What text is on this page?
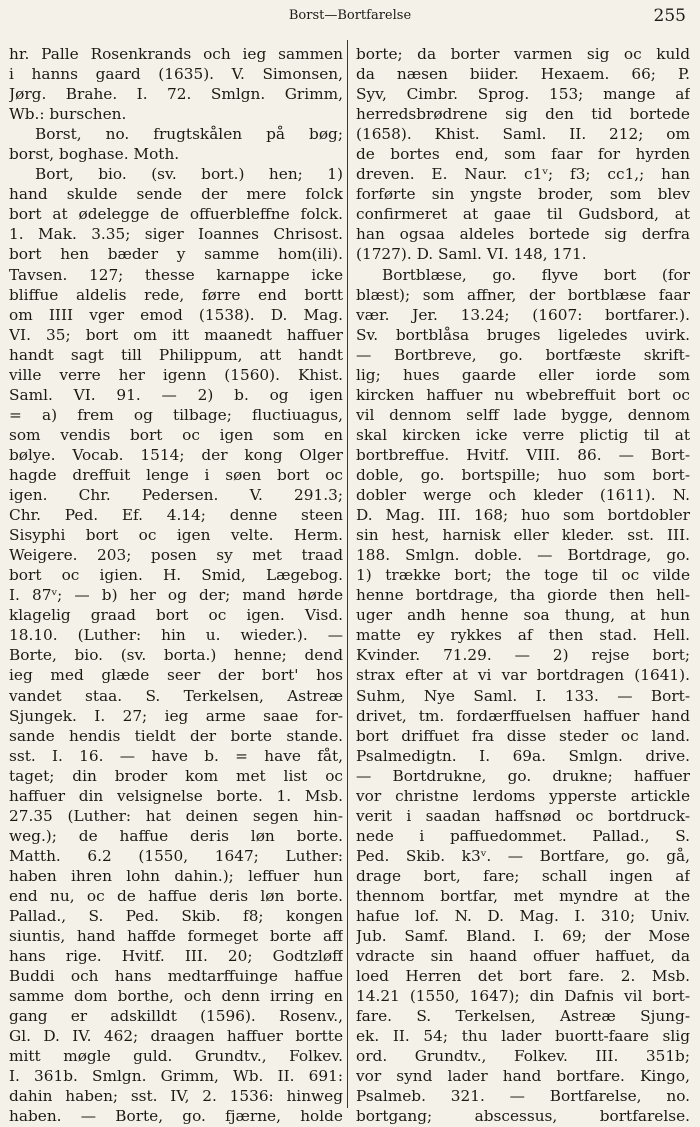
Borst—Bortfarelse	255
hr. Palle Rosenkrands och ieg sammen
i hanns gaard (1635). V. Simonsen,
Jørg. Brahe. I. 72. Smlgn. Grimm,
Wb.: burschen.
Borst, no. frugtskålen på bøg;
borst, boghase. Moth.
Bort, bio. (sv. bort.) hen; 1)
hand skulde sende der mere folck
bort at ødelegge de offuerbleffne folck.
1. Mak. 3.35; siger Ioannes Chrisost.
bort hen bæder y samme hom(ili).
Tavsen. 127; thesse karnappe icke
bliffue aldelis rede, førre end bortt
om IIII vger emod (1538). D. Mag.
VI. 35; bort om itt maanedt haffuer
handt sagt till Philippum, att handt
ville verre her igenn (1560). Khist.
Saml. VI. 91. — 2) b. og igen
= a) frem og tilbage; fluctiuagus,
som vendis bort oc igen som en
bølye. Vocab. 1514; der kong Olger
hagde dreffuit lenge i søen bort oc
igen. Chr. Pedersen. V. 291.3;
Chr. Ped. Ef. 4.14; denne steen
Sisyphi bort oc igen velte. Herm.
Weigere. 203; posen sy met traad
bort oc igien. H. Smid, Lægebog.
I. 87ᵛ; — b) her og der; mand hørde
klagelig graad bort oc igen. Visd.
18.10. (Luther: hin u. wieder.). —
Borte, bio. (sv. borta.) henne; dend
ieg med glæde seer der bort' hos
vandet staa. S. Terkelsen, Astreæ
Sjungek. I. 27; ieg arme saae for-
sande hendis tieldt der borte stande.
sst. I. 16. — have b. = have fåt,
taget; din broder kom met list oc
haffuer din velsignelse borte. 1. Msb.
27.35 (Luther: hat deinen segen hin-
weg.); de haffue deris løn borte.
Matth. 6.2 (1550, 1647; Luther:
haben ihren lohn dahin.); leffuer hun
end nu, oc de haffue deris løn borte.
Pallad., S. Ped. Skib. f8; kongen
siuntis, hand haffde formeget borte aff
hans rige. Hvitf. III. 20; Godtzløff
Buddi och hans medtarffuinge haffue
samme dom borthe, och denn irring en
gang er adskilldt (1596). Rosenv.,
Gl. D. IV. 462; draagen haffuer bortte
mitt møgle guld. Grundtv., Folkev.
I. 361b. Smlgn. Grimm, Wb. II. 691:
dahin haben; sst. IV, 2. 1536: hinweg
haben. — Borte, go. fjærne, holde
borte; da borter varmen sig oc kuld
da næsen biider. Hexaem. 66; P.
Syv, Cimbr. Sprog. 153; mange af
herredsbrødrene sig den tid bortede
(1658). Khist. Saml. II. 212; om
de bortes end, som faar for hyrden
dreven. E. Naur. c1ᵛ; f3; cc1,; han
forførte sin yngste broder, som blev
confirmeret at gaae til Gudsbord, at
han ogsaa aldeles bortede sig derfra
(1727). D. Saml. VI. 148, 171.
Bortblæse, go. flyve bort (for
blæst); som affner, der bortblæse faar
vær. Jer. 13.24; (1607: bortfarer.).
Sv. bortblåsa bruges ligeledes uvirk.
— Bortbreve, go. bortfæste skrift-
lig; hues gaarde eller iorde som
kircken haffuer nu wbebreffuit bort oc
vil dennom selff lade bygge, dennom
skal kircken icke verre plictig til at
bortbreffue. Hvitf. VIII. 86. — Bort-
doble, go. bortspille; huo som bort-
dobler werge och kleder (1611). N.
D. Mag. III. 168; huo som bortdobler
sin hest, harnisk eller kleder. sst. III.
188. Smlgn. doble. — Bortdrage, go.
1) trække bort; the toge til oc vilde
henne bortdrage, tha giorde then hell-
uger andh henne soa thung, at hun
matte ey rykkes af then stad. Hell.
Kvinder. 71.29. — 2) rejse bort;
strax efter at vi var bortdragen (1641).
Suhm, Nye Saml. I. 133. — Bort-
drivet, tm. fordærffuelsen haffuer hand
bort driffuet fra disse steder oc land.
Psalmedigtn. I. 69a. Smlgn. drive.
— Bortdrukne, go. drukne; haffuer
vor christne lerdoms ypperste artickle
verit i saadan haffsnød oc bortdruck-
nede i paffuedommet. Pallad., S.
Ped. Skib. k3ᵛ. — Bortfare, go. gå,
drage bort, fare; schall ingen af
thennom bortfar, met myndre at the
hafue lof. N. D. Mag. I. 310; Univ.
Jub. Samf. Bland. I. 69; der Mose
vdracte sin haand offuer haffuet, da
loed Herren det bort fare. 2. Msb.
14.21 (1550, 1647); din Dafnis vil bort-
fare. S. Terkelsen, Astreæ Sjung-
ek. II. 54; thu lader buortt-faare slig
ord. Grundtv., Folkev. III. 351b;
vor synd lader hand bortfare. Kingo,
Psalmeb. 321. — Bortfarelse, no.
bortgang; abscessus, bortfarelse.
